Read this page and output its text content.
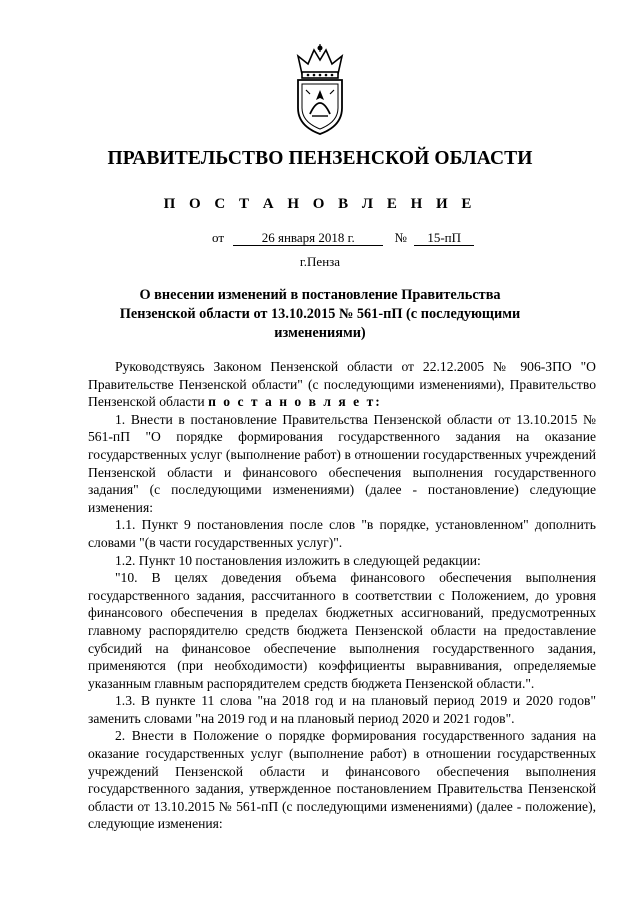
ПРАВИТЕЛЬСТВО ПЕНЗЕНСКОЙ ОБЛАСТИ
П О С Т А Н О В Л Е Н И Е
от	26 января 2018 г.	№ 15-пП
г.Пенза
О внесении изменений в постановление Правительства Пензенской области от 13.10.2015 № 561-пП (с последующими изменениями)

Руководствуясь Законом Пензенской области от 22.12.2005 № 906-ЗПО "О Правительстве Пензенской области" (с последующими изменениями), Правительство Пензенской области п о с т а н о в л я е т:

1. Внести в постановление Правительства Пензенской области от 13.10.2015 № 561-пП "О порядке формирования государственного задания на оказание государственных услуг (выполнение работ) в отношении государственных учреждений Пензенской области и финансового обеспечения выполнения государственного задания" (с последующими изменениями) (далее - постановление) следующие изменения:

1.1. Пункт 9 постановления после слов "в порядке, установленном" дополнить словами "(в части государственных услуг)".

1.2. Пункт 10 постановления изложить в следующей редакции:

"10. В целях доведения объема финансового обеспечения выполнения государственного задания, рассчитанного в соответствии с Положением, до уровня финансового обеспечения в пределах бюджетных ассигнований, предусмотренных главному распорядителю средств бюджета Пензенской области на предоставление субсидий на финансовое обеспечение выполнения государственного задания, применяются (при необходимости) коэффициенты выравнивания, определяемые указанным главным распорядителем средств бюджета Пензенской области.".

1.3. В пункте 11 слова "на 2018 год и на плановый период 2019 и 2020 годов" заменить словами "на 2019 год и на плановый период 2020 и 2021 годов".

2. Внести в Положение о порядке формирования государственного задания на оказание государственных услуг (выполнение работ) в отношении государственных учреждений Пензенской области и финансового обеспечения выполнения государственного задания, утвержденное постановлением Правительства Пензенской области от 13.10.2015 № 561-пП (с последующими изменениями) (далее - положение), следующие изменения:
